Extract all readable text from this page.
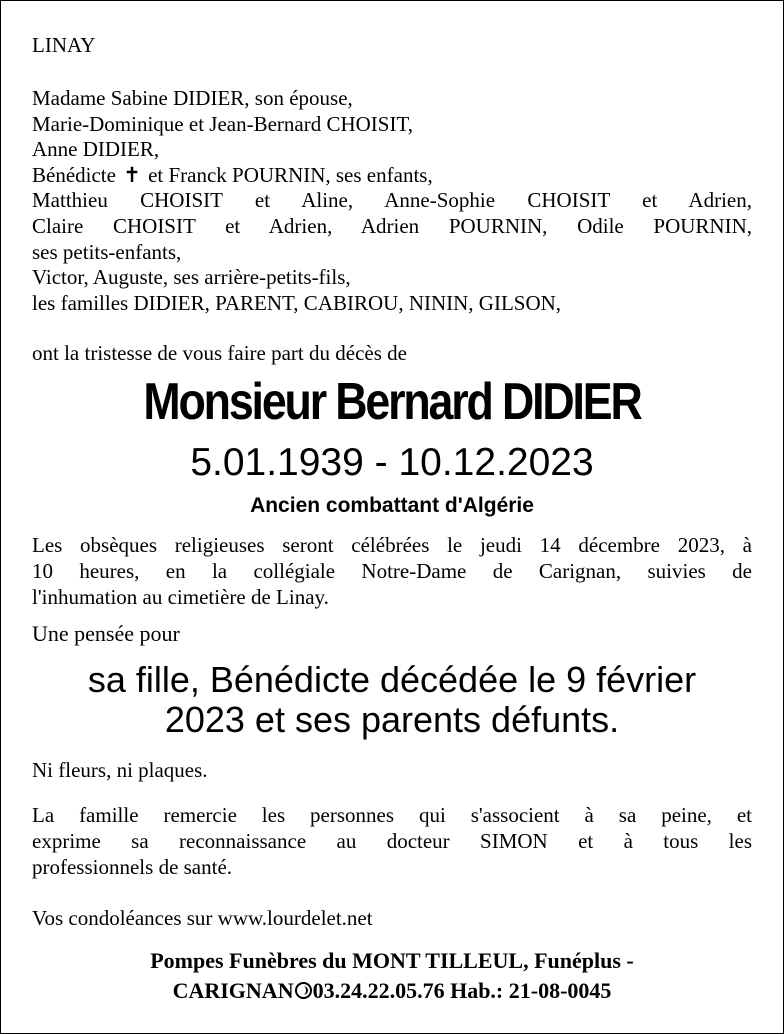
LINAY

Madame Sabine DIDIER, son épouse,
Marie-Dominique et Jean-Bernard CHOISIT,
Anne DIDIER,
Bénédicte ✝ et Franck POURNIN, ses enfants,
Matthieu CHOISIT et Aline, Anne-Sophie CHOISIT et Adrien,
Claire CHOISIT et Adrien, Adrien POURNIN, Odile POURNIN,
ses petits-enfants,
Victor, Auguste, ses arrière-petits-fils,
les familles DIDIER, PARENT, CABIROU, NININ, GILSON,
ont la tristesse de vous faire part du décès de
Monsieur Bernard DIDIER
5.01.1939 - 10.12.2023
Ancien combattant d'Algérie
Les obsèques religieuses seront célébrées le jeudi 14 décembre 2023, à
10 heures, en la collégiale Notre-Dame de Carignan, suivies de
l'inhumation au cimetière de Linay.
Une pensée pour
sa fille, Bénédicte décédée le 9 février
2023 et ses parents défunts.
Ni fleurs, ni plaques.
La famille remercie les personnes qui s'associent à sa peine, et
exprime sa reconnaissance au docteur SIMON et à tous les
professionnels de santé.
Vos condoléances sur www.lourdelet.net
Pompes Funèbres du MONT TILLEUL, Funéplus -
CARIGNAN 03.24.22.05.76 Hab.: 21-08-0045
